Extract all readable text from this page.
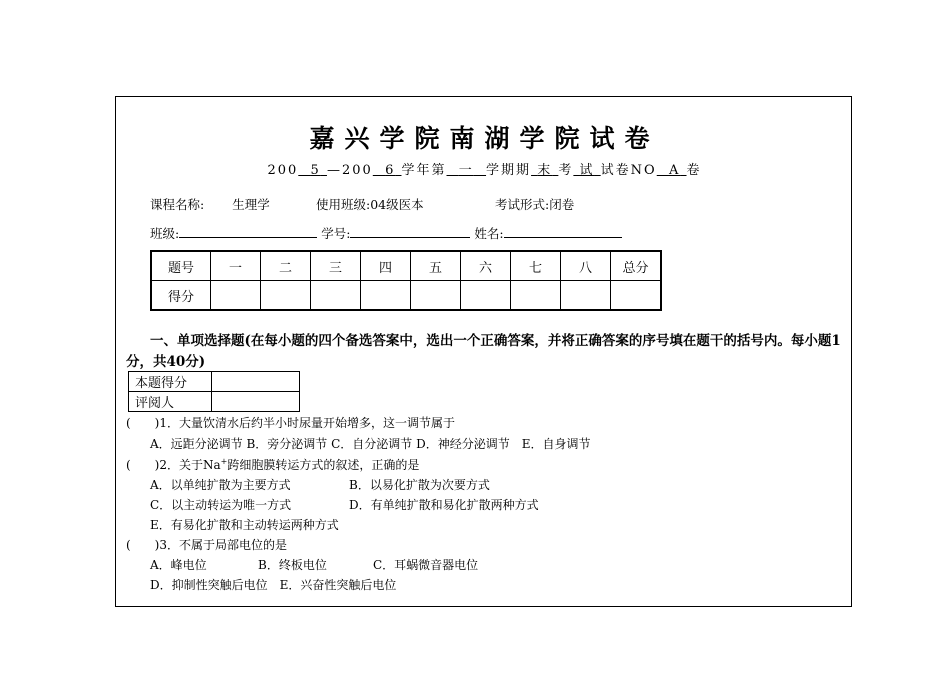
嘉兴学院南湖学院试卷
200 5 —200 6 学年第 一 学期期 末 考 试 试卷NO A 卷
课程名称: 生理学	使用班级:04级医本	考试形式:闭卷
班级:	学号:	姓名:
题号	一	二	三	四	五	六	七	八	总分
得分									
一、单项选择题(在每小题的四个备选答案中，选出一个正确答案，并将正确答案的序号填在题干的括号内。每小题1分，共40分)
本题得分	
评阅人	
(　　)1．大量饮清水后约半小时尿量开始增多，这一调节属于
A．远距分泌调节 B．旁分泌调节 C．自分泌调节 D．神经分泌调节　E．自身调节
(　　)2．关于Na+跨细胞膜转运方式的叙述，正确的是
A．以单纯扩散为主要方式	B．以易化扩散为次要方式
C．以主动转运为唯一方式	D．有单纯扩散和易化扩散两种方式
E．有易化扩散和主动转运两种方式
(　　)3．不属于局部电位的是
A．峰电位	B．终板电位	C．耳蜗微音器电位
D．抑制性突触后电位　E．兴奋性突触后电位
